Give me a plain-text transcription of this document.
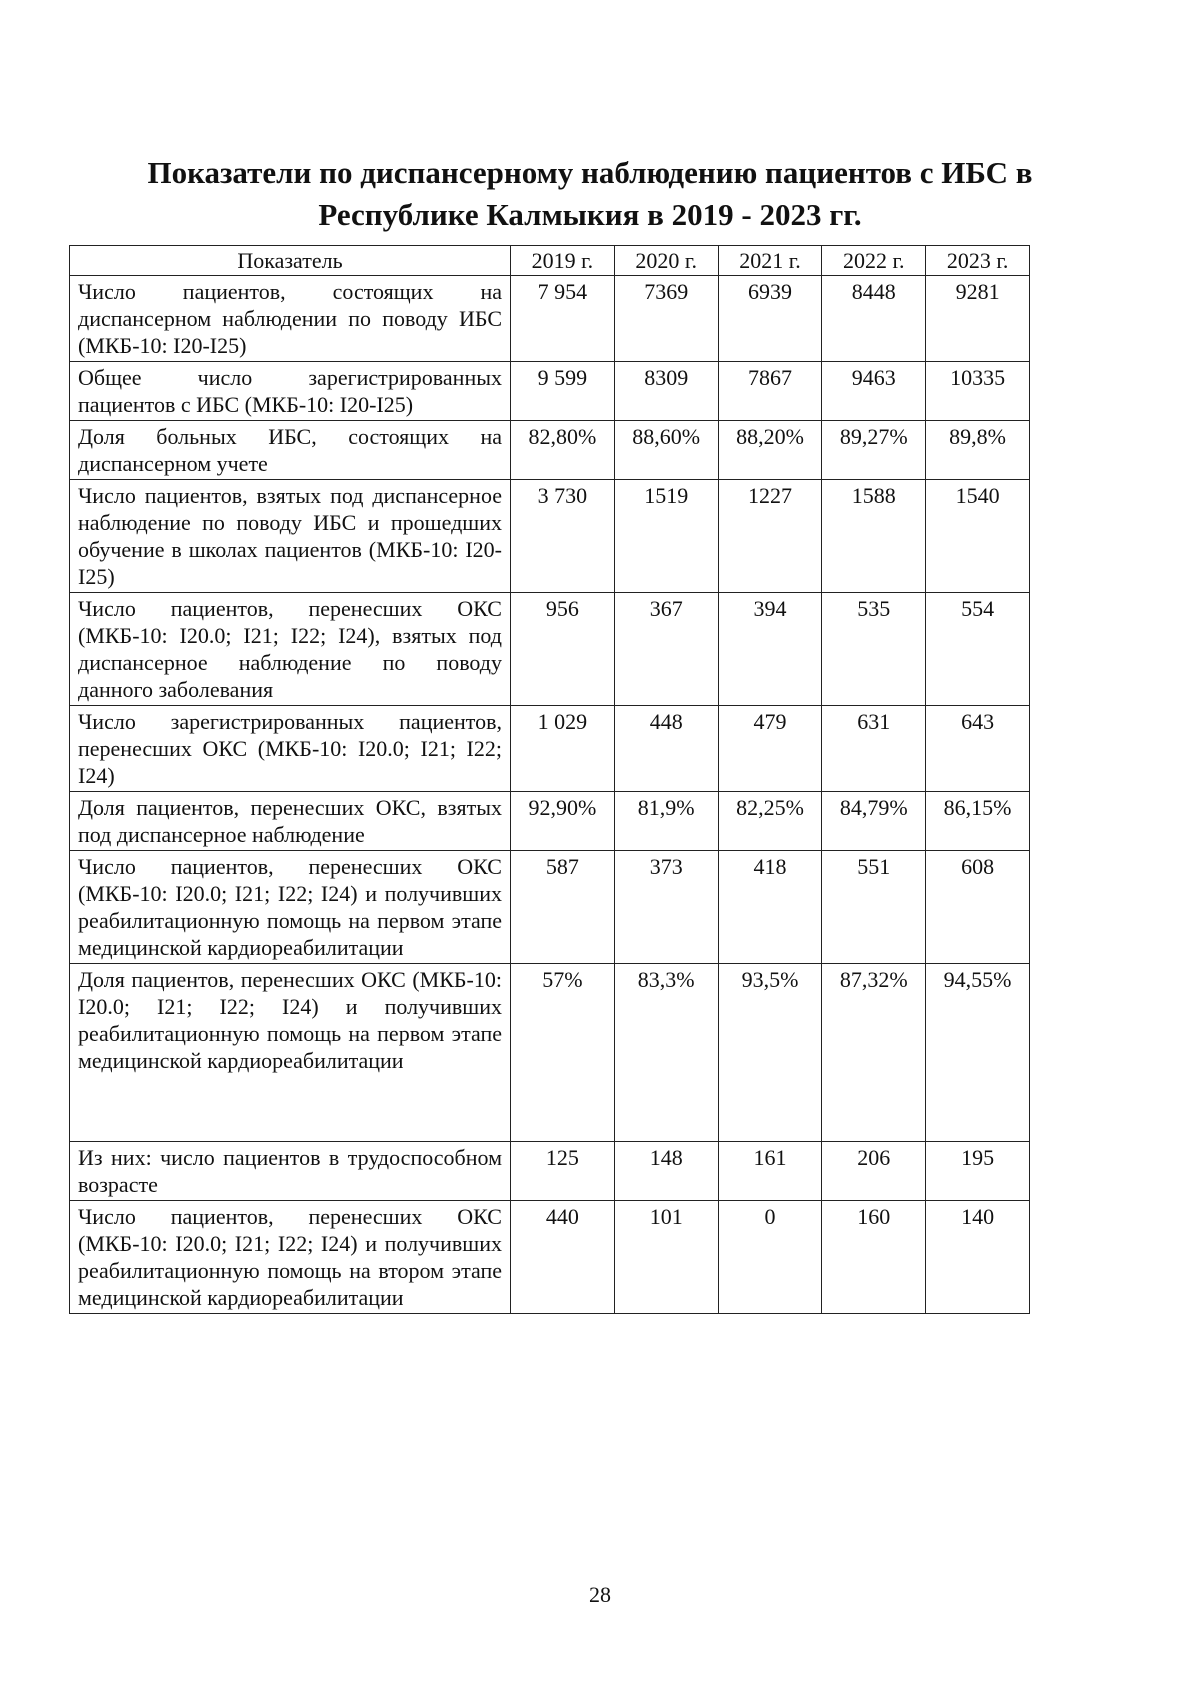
Показатели по диспансерному наблюдению пациентов с ИБС в
Республике Калмыкия в 2019 - 2023 гг.
Показатель	2019 г.	2020 г.	2021 г.	2022 г.	2023 г.
Число пациентов, состоящих на диспансерном наблюдении по поводу ИБС (МКБ-10: I20-I25)	7 954	7369	6939	8448	9281
Общее число зарегистрированных пациентов с ИБС (МКБ-10: I20-I25)	9 599	8309	7867	9463	10335
Доля больных ИБС, состоящих на диспансерном учете	82,80%	88,60%	88,20%	89,27%	89,8%
Число пациентов, взятых под диспансерное наблюдение по поводу ИБС и прошедших обучение в школах пациентов (МКБ-10: I20-I25)	3 730	1519	1227	1588	1540
Число пациентов, перенесших ОКС (МКБ-10: I20.0; I21; I22; I24), взятых под диспансерное наблюдение по поводу данного заболевания	956	367	394	535	554
Число зарегистрированных пациентов, перенесших ОКС (МКБ-10: I20.0; I21; I22; I24)	1 029	448	479	631	643
Доля пациентов, перенесших ОКС, взятых под диспансерное наблюдение	92,90%	81,9%	82,25%	84,79%	86,15%
Число пациентов, перенесших ОКС (МКБ-10: I20.0; I21; I22; I24) и получивших реабилитационную помощь на первом этапе медицинской кардиореабилитации	587	373	418	551	608
Доля пациентов, перенесших ОКС (МКБ-10: I20.0; I21; I22; I24) и получивших реабилитационную помощь на первом этапе медицинской кардиореабилитации	57%	83,3%	93,5%	87,32%	94,55%
Из них: число пациентов в трудоспособном возрасте	125	148	161	206	195
Число пациентов, перенесших ОКС (МКБ-10: I20.0; I21; I22; I24) и получивших реабилитационную помощь на втором этапе медицинской кардиореабилитации	440	101	0	160	140
28
